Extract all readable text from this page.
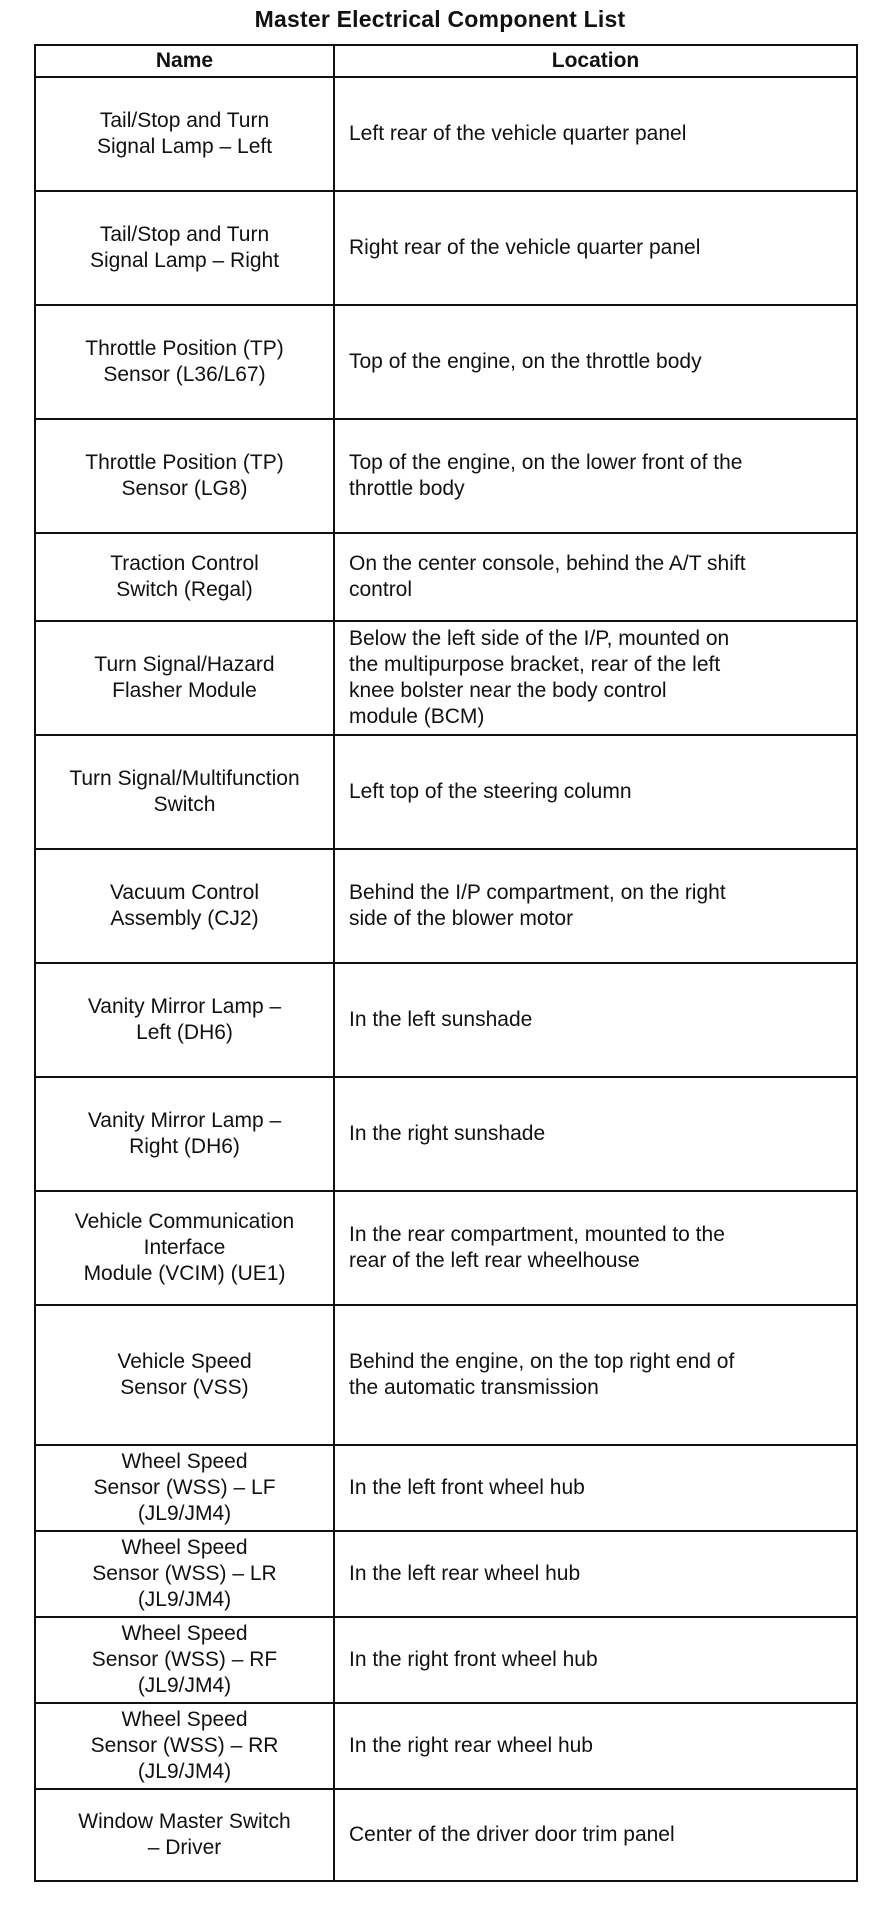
Master Electrical Component List
Name	Location

Tail/Stop and Turn
Signal Lamp – Left	Left rear of the vehicle quarter panel

Tail/Stop and Turn
Signal Lamp – Right	Right rear of the vehicle quarter panel

Throttle Position (TP)
Sensor (L36/L67)	Top of the engine, on the throttle body

Throttle Position (TP)
Sensor (LG8)	Top of the engine, on the lower front of the
throttle body

Traction Control
Switch (Regal)	On the center console, behind the A/T shift
control

Turn Signal/Hazard
Flasher Module	Below the left side of the I/P, mounted on
the multipurpose bracket, rear of the left
knee bolster near the body control
module (BCM)

Turn Signal/Multifunction
Switch	Left top of the steering column

Vacuum Control
Assembly (CJ2)	Behind the I/P compartment, on the right
side of the blower motor

Vanity Mirror Lamp –
Left (DH6)	In the left sunshade

Vanity Mirror Lamp –
Right (DH6)	In the right sunshade

Vehicle Communication
Interface
Module (VCIM) (UE1)	In the rear compartment, mounted to the
rear of the left rear wheelhouse

Vehicle Speed
Sensor (VSS)	Behind the engine, on the top right end of
the automatic transmission

Wheel Speed
Sensor (WSS) – LF
(JL9/JM4)	In the left front wheel hub

Wheel Speed
Sensor (WSS) – LR
(JL9/JM4)	In the left rear wheel hub

Wheel Speed
Sensor (WSS) – RF
(JL9/JM4)	In the right front wheel hub

Wheel Speed
Sensor (WSS) – RR
(JL9/JM4)	In the right rear wheel hub

Window Master Switch
– Driver	Center of the driver door trim panel
